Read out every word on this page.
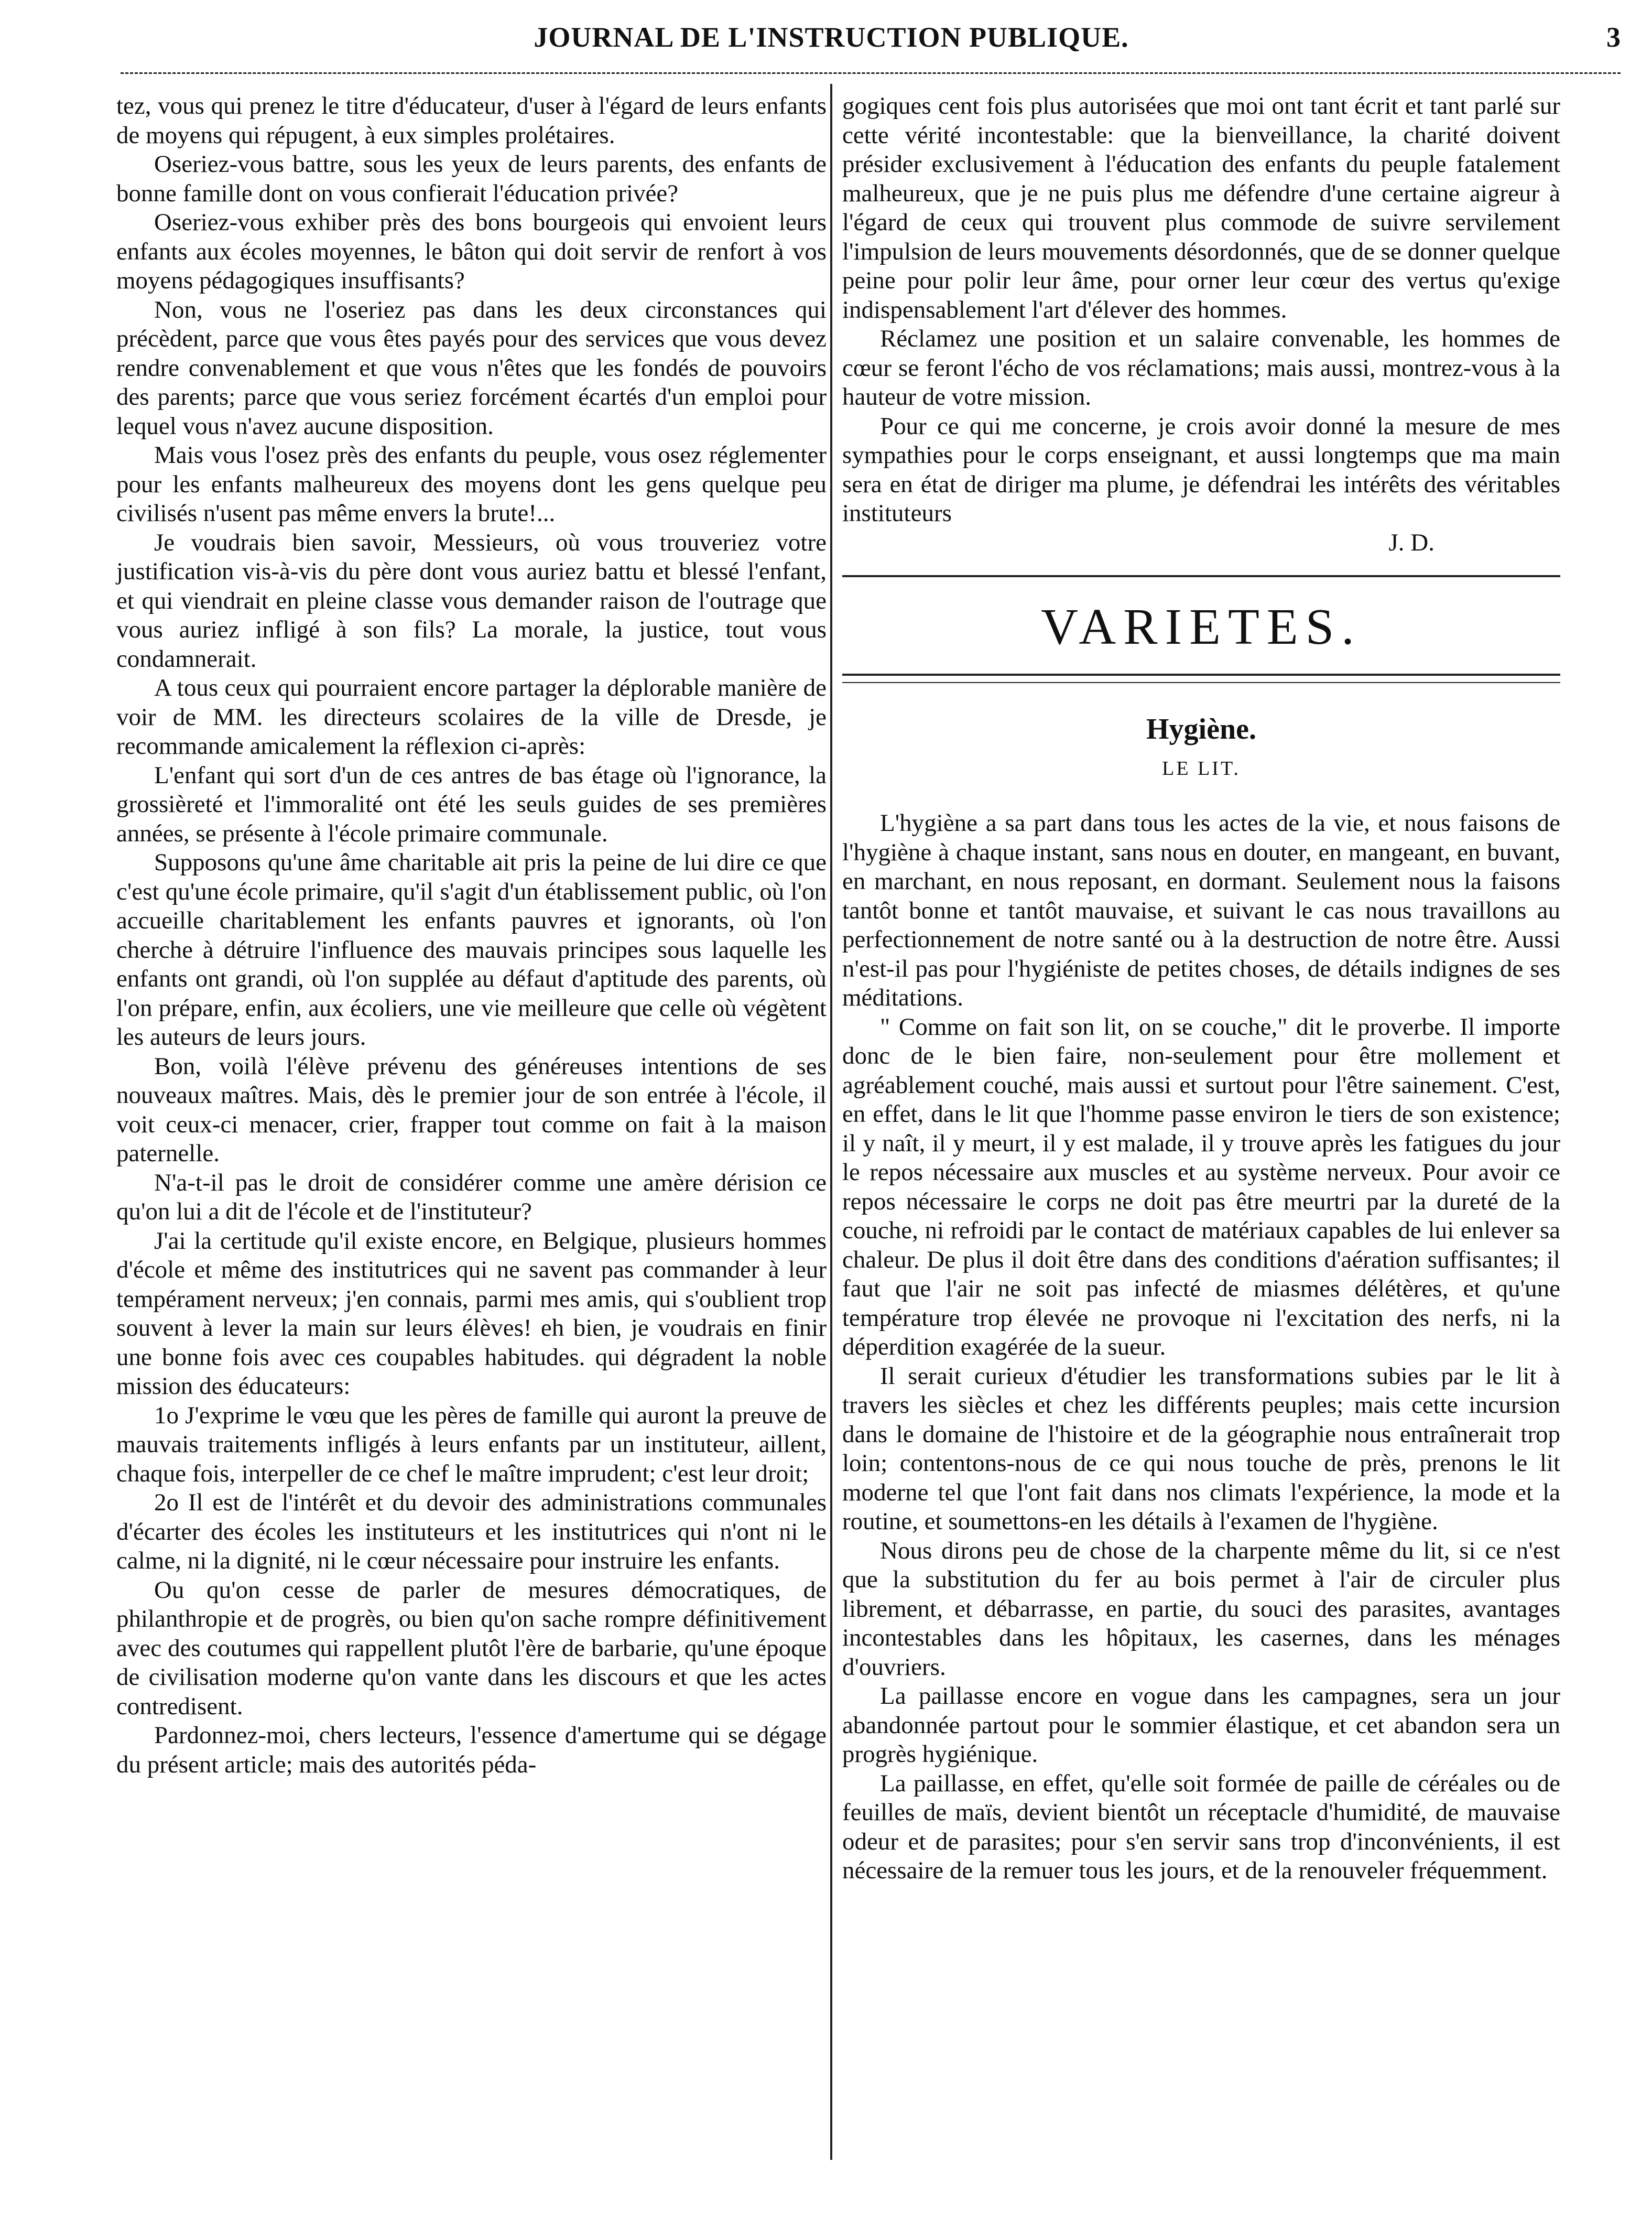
JOURNAL DE L'INSTRUCTION PUBLIQUE.	3

tez, vous qui prenez le titre d'éducateur, d'user à l'égard de leurs enfants de moyens qui répugent, à eux simples prolétaires.

Oseriez-vous battre, sous les yeux de leurs parents, des enfants de bonne famille dont on vous confierait l'éducation privée?

Oseriez-vous exhiber près des bons bourgeois qui envoient leurs enfants aux écoles moyennes, le bâton qui doit servir de renfort à vos moyens pédagogiques insuffisants?

Non, vous ne l'oseriez pas dans les deux circonstances qui précèdent, parce que vous êtes payés pour des services que vous devez rendre convenablement et que vous n'êtes que les fondés de pouvoirs des parents; parce que vous seriez forcément écartés d'un emploi pour lequel vous n'avez aucune disposition.

Mais vous l'osez près des enfants du peuple, vous osez réglementer pour les enfants malheureux des moyens dont les gens quelque peu civilisés n'usent pas même envers la brute!...

Je voudrais bien savoir, Messieurs, où vous trouveriez votre justification vis-à-vis du père dont vous auriez battu et blessé l'enfant, et qui viendrait en pleine classe vous demander raison de l'outrage que vous auriez infligé à son fils? La morale, la justice, tout vous condamnerait.

A tous ceux qui pourraient encore partager la déplorable manière de voir de MM. les directeurs scolaires de la ville de Dresde, je recommande amicalement la réflexion ci-après:

L'enfant qui sort d'un de ces antres de bas étage où l'ignorance, la grossièreté et l'immoralité ont été les seuls guides de ses premières années, se présente à l'école primaire communale.

Supposons qu'une âme charitable ait pris la peine de lui dire ce que c'est qu'une école primaire, qu'il s'agit d'un établissement public, où l'on accueille charitablement les enfants pauvres et ignorants, où l'on cherche à détruire l'influence des mauvais principes sous laquelle les enfants ont grandi, où l'on supplée au défaut d'aptitude des parents, où l'on prépare, enfin, aux écoliers, une vie meilleure que celle où végètent les auteurs de leurs jours.

Bon, voilà l'élève prévenu des généreuses intentions de ses nouveaux maîtres. Mais, dès le premier jour de son entrée à l'école, il voit ceux-ci menacer, crier, frapper tout comme on fait à la maison paternelle.

N'a-t-il pas le droit de considérer comme une amère dérision ce qu'on lui a dit de l'école et de l'instituteur?

J'ai la certitude qu'il existe encore, en Belgique, plusieurs hommes d'école et même des institutrices qui ne savent pas commander à leur tempérament nerveux; j'en connais, parmi mes amis, qui s'oublient trop souvent à lever la main sur leurs élèves! eh bien, je voudrais en finir une bonne fois avec ces coupables habitudes. qui dégradent la noble mission des éducateurs:

1o J'exprime le vœu que les pères de famille qui auront la preuve de mauvais traitements infligés à leurs enfants par un instituteur, aillent, chaque fois, interpeller de ce chef le maître imprudent; c'est leur droit;

2o Il est de l'intérêt et du devoir des administrations communales d'écarter des écoles les instituteurs et les institutrices qui n'ont ni le calme, ni la dignité, ni le cœur nécessaire pour instruire les enfants.

Ou qu'on cesse de parler de mesures démocratiques, de philanthropie et de progrès, ou bien qu'on sache rompre définitivement avec des coutumes qui rappellent plutôt l'ère de barbarie, qu'une époque de civilisation moderne qu'on vante dans les discours et que les actes contredisent.

Pardonnez-moi, chers lecteurs, l'essence d'amertume qui se dégage du présent article; mais des autorités péda-

gogiques cent fois plus autorisées que moi ont tant écrit et tant parlé sur cette vérité incontestable: que la bienveillance, la charité doivent présider exclusivement à l'éducation des enfants du peuple fatalement malheureux, que je ne puis plus me défendre d'une certaine aigreur à l'égard de ceux qui trouvent plus commode de suivre servilement l'impulsion de leurs mouvements désordonnés, que de se donner quelque peine pour polir leur âme, pour orner leur cœur des vertus qu'exige indispensablement l'art d'élever des hommes.

Réclamez une position et un salaire convenable, les hommes de cœur se feront l'écho de vos réclamations; mais aussi, montrez-vous à la hauteur de votre mission.

Pour ce qui me concerne, je crois avoir donné la mesure de mes sympathies pour le corps enseignant, et aussi longtemps que ma main sera en état de diriger ma plume, je défendrai les intérêts des véritables instituteurs

J. D.

VARIETES.
Hygiène.
LE LIT.

L'hygiène a sa part dans tous les actes de la vie, et nous faisons de l'hygiène à chaque instant, sans nous en douter, en mangeant, en buvant, en marchant, en nous reposant, en dormant. Seulement nous la faisons tantôt bonne et tantôt mauvaise, et suivant le cas nous travaillons au perfectionnement de notre santé ou à la destruction de notre être. Aussi n'est-il pas pour l'hygiéniste de petites choses, de détails indignes de ses méditations.

" Comme on fait son lit, on se couche," dit le proverbe. Il importe donc de le bien faire, non-seulement pour être mollement et agréablement couché, mais aussi et surtout pour l'être sainement. C'est, en effet, dans le lit que l'homme passe environ le tiers de son existence; il y naît, il y meurt, il y est malade, il y trouve après les fatigues du jour le repos nécessaire aux muscles et au système nerveux. Pour avoir ce repos nécessaire le corps ne doit pas être meurtri par la dureté de la couche, ni refroidi par le contact de matériaux capables de lui enlever sa chaleur. De plus il doit être dans des conditions d'aération suffisantes; il faut que l'air ne soit pas infecté de miasmes délétères, et qu'une température trop élevée ne provoque ni l'excitation des nerfs, ni la déperdition exagérée de la sueur.

Il serait curieux d'étudier les transformations subies par le lit à travers les siècles et chez les différents peuples; mais cette incursion dans le domaine de l'histoire et de la géographie nous entraînerait trop loin; contentons-nous de ce qui nous touche de près, prenons le lit moderne tel que l'ont fait dans nos climats l'expérience, la mode et la routine, et soumettons-en les détails à l'examen de l'hygiène.

Nous dirons peu de chose de la charpente même du lit, si ce n'est que la substitution du fer au bois permet à l'air de circuler plus librement, et débarrasse, en partie, du souci des parasites, avantages incontestables dans les hôpitaux, les casernes, dans les ménages d'ouvriers.

La paillasse encore en vogue dans les campagnes, sera un jour abandonnée partout pour le sommier élastique, et cet abandon sera un progrès hygiénique.

La paillasse, en effet, qu'elle soit formée de paille de céréales ou de feuilles de maïs, devient bientôt un réceptacle d'humidité, de mauvaise odeur et de parasites; pour s'en servir sans trop d'inconvénients, il est nécessaire de la remuer tous les jours, et de la renouveler fréquemment.
